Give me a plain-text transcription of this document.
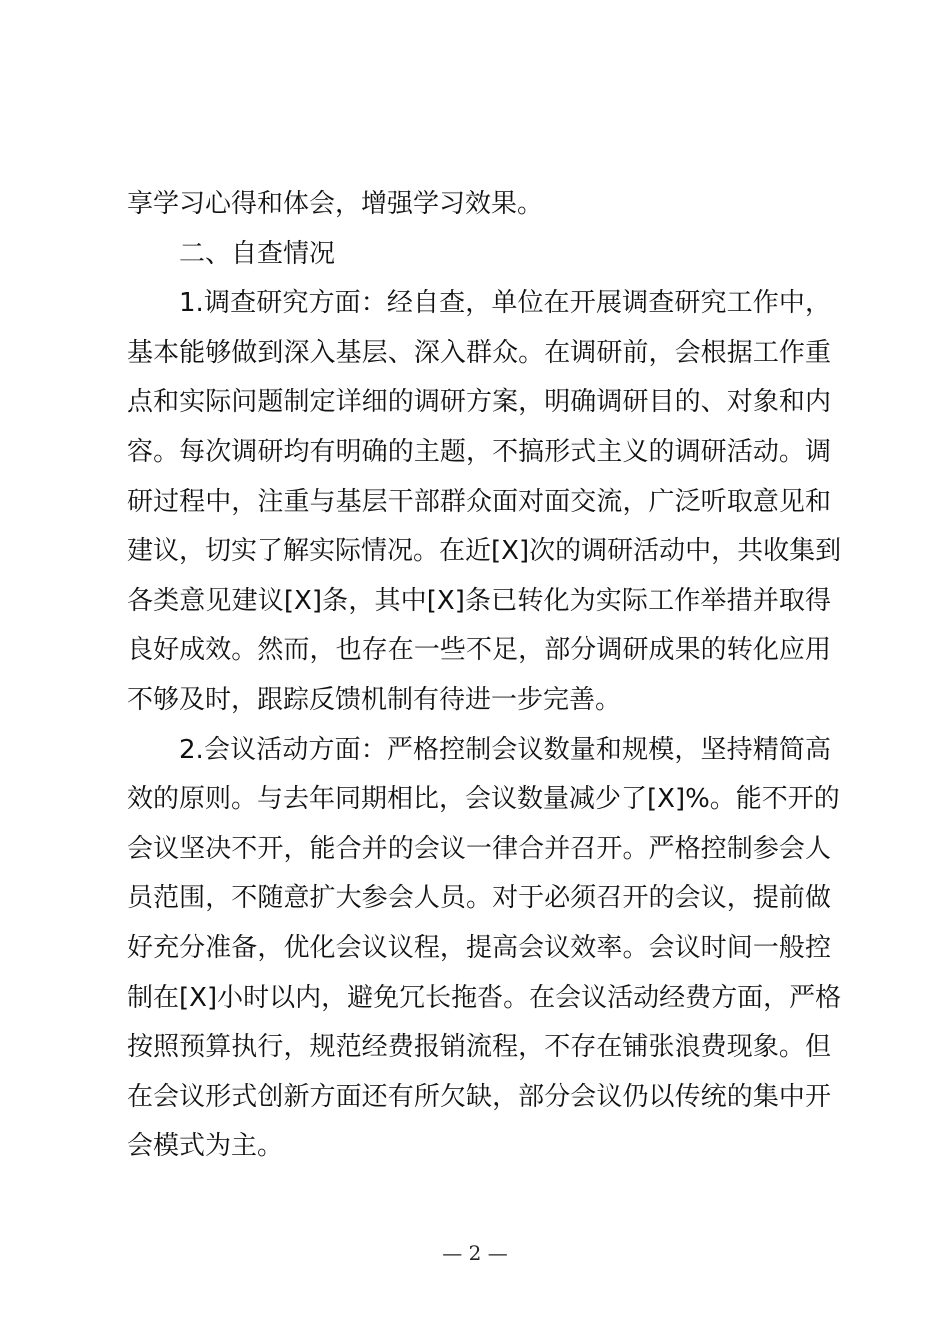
享学习心得和体会，增强学习效果。
二、自查情况
1.调查研究方面：经自查，单位在开展调查研究工作中，
基本能够做到深入基层、深入群众。在调研前，会根据工作重
点和实际问题制定详细的调研方案，明确调研目的、对象和内
容。每次调研均有明确的主题，不搞形式主义的调研活动。调
研过程中，注重与基层干部群众面对面交流，广泛听取意见和
建议，切实了解实际情况。在近[X]次的调研活动中，共收集到
各类意见建议[X]条，其中[X]条已转化为实际工作举措并取得
良好成效。然而，也存在一些不足，部分调研成果的转化应用
不够及时，跟踪反馈机制有待进一步完善。
2.会议活动方面：严格控制会议数量和规模，坚持精简高
效的原则。与去年同期相比，会议数量减少了[X]%。能不开的
会议坚决不开，能合并的会议一律合并召开。严格控制参会人
员范围，不随意扩大参会人员。对于必须召开的会议，提前做
好充分准备，优化会议议程，提高会议效率。会议时间一般控
制在[X]小时以内，避免冗长拖沓。在会议活动经费方面，严格
按照预算执行，规范经费报销流程，不存在铺张浪费现象。但
在会议形式创新方面还有所欠缺，部分会议仍以传统的集中开
会模式为主。
— 2 —
